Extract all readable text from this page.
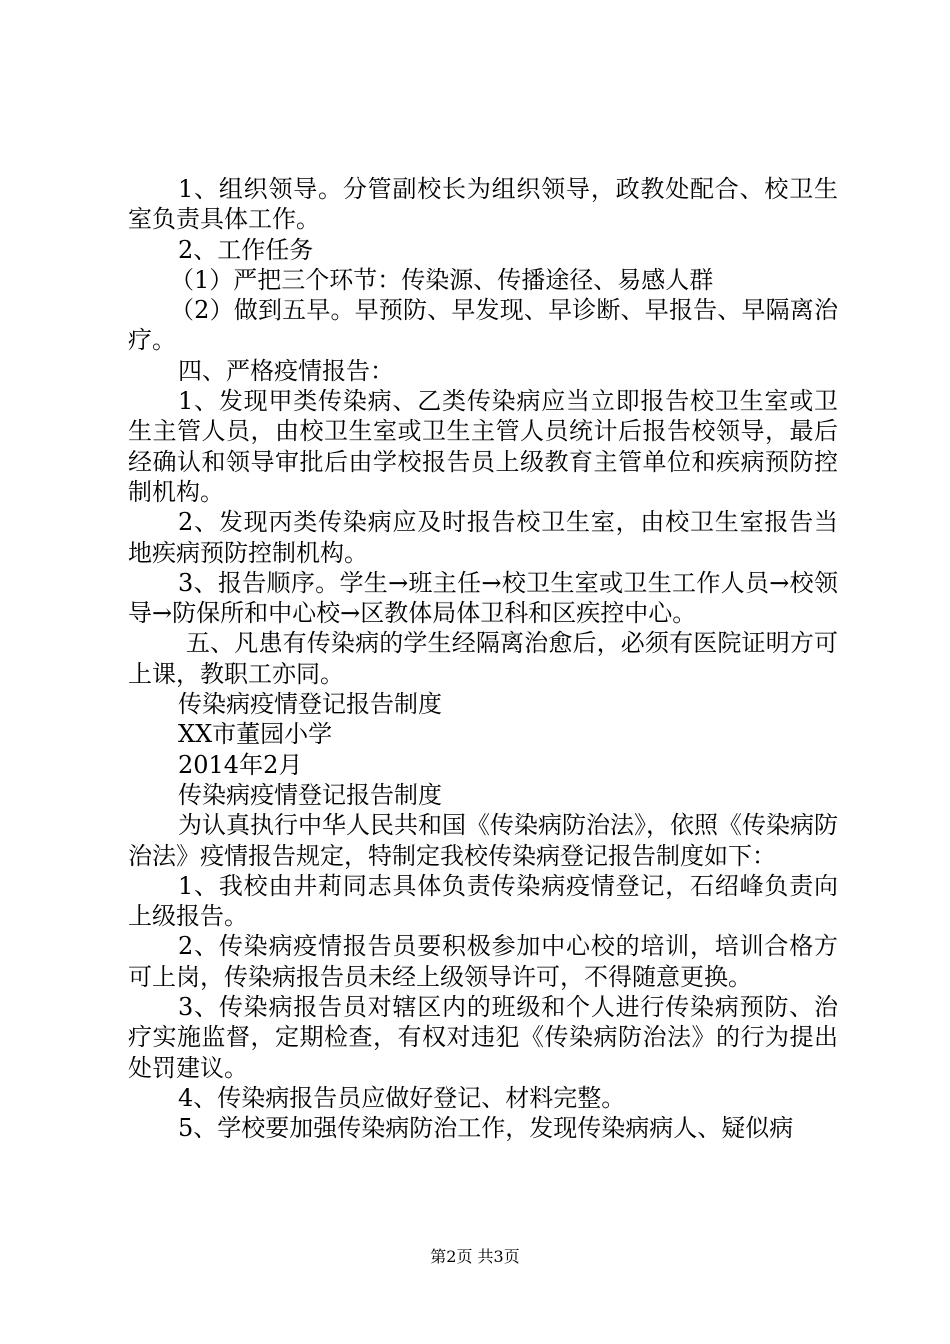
1、组织领导。分管副校长为组织领导，政教处配合、校卫生室负责具体工作。

2、工作任务

（1）严把三个环节：传染源、传播途径、易感人群

（2）做到五早。早预防、早发现、早诊断、早报告、早隔离治疗。

四、严格疫情报告：

1、发现甲类传染病、乙类传染病应当立即报告校卫生室或卫生主管人员，由校卫生室或卫生主管人员统计后报告校领导，最后经确认和领导审批后由学校报告员上级教育主管单位和疾病预防控制机构。

2、发现丙类传染病应及时报告校卫生室，由校卫生室报告当地疾病预防控制机构。

3、报告顺序。学生→班主任→校卫生室或卫生工作人员→校领导→防保所和中心校→区教体局体卫科和区疾控中心。

五、凡患有传染病的学生经隔离治愈后，必须有医院证明方可上课，教职工亦同。

传染病疫情登记报告制度

XX市董园小学

2014年2月

传染病疫情登记报告制度

为认真执行中华人民共和国《传染病防治法》，依照《传染病防治法》疫情报告规定，特制定我校传染病登记报告制度如下：

1、我校由井莉同志具体负责传染病疫情登记，石绍峰负责向上级报告。

2、传染病疫情报告员要积极参加中心校的培训，培训合格方可上岗，传染病报告员未经上级领导许可，不得随意更换。

3、传染病报告员对辖区内的班级和个人进行传染病预防、治疗实施监督，定期检查，有权对违犯《传染病防治法》的行为提出处罚建议。

4、传染病报告员应做好登记、材料完整。

5、学校要加强传染病防治工作，发现传染病病人、疑似病

第2页 共3页
